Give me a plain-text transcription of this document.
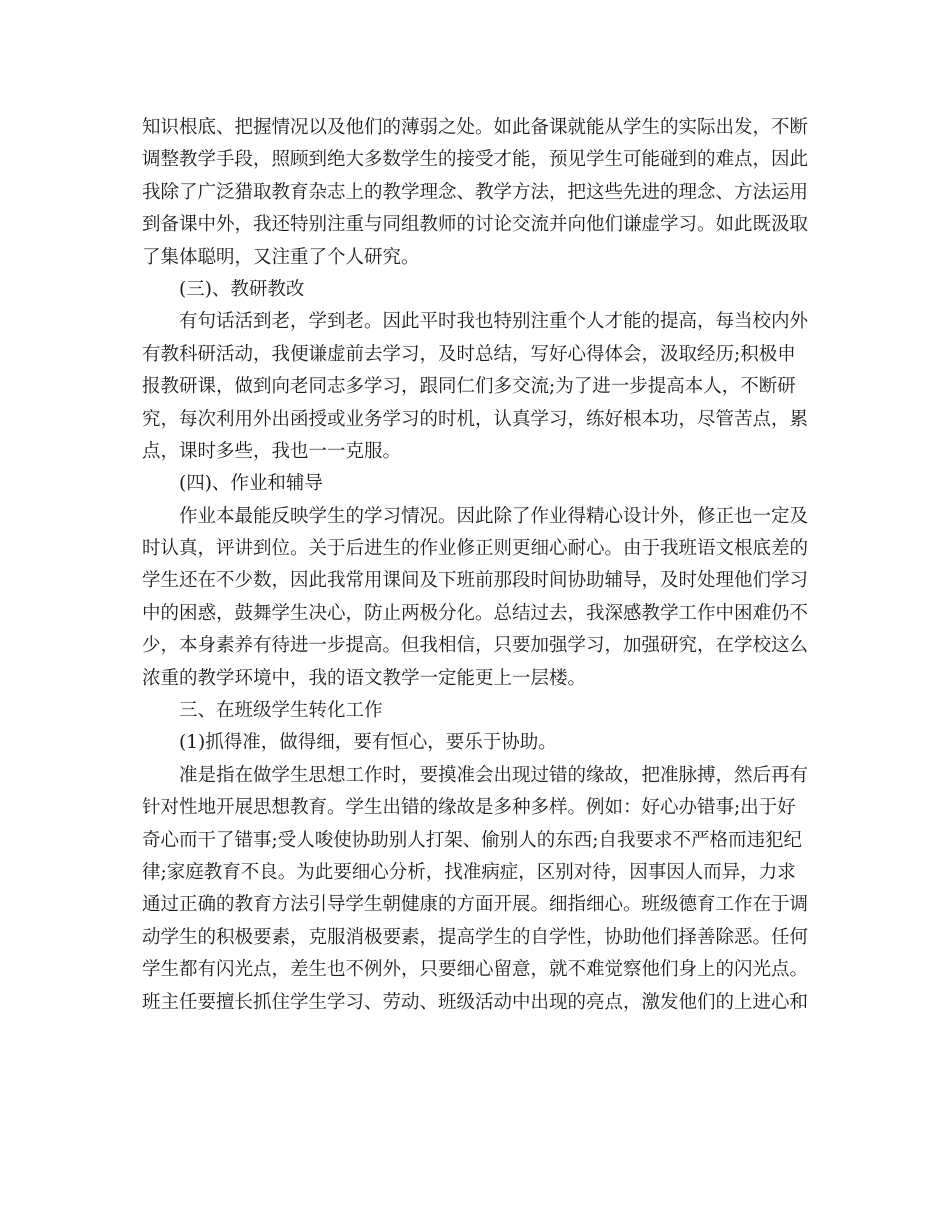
知识根底、把握情况以及他们的薄弱之处。如此备课就能从学生的实际出发，不断
调整教学手段，照顾到绝大多数学生的接受才能，预见学生可能碰到的难点，因此
我除了广泛猎取教育杂志上的教学理念、教学方法，把这些先进的理念、方法运用
到备课中外，我还特别注重与同组教师的讨论交流并向他们谦虚学习。如此既汲取
了集体聪明，又注重了个人研究。
(三)、教研教改
有句话活到老，学到老。因此平时我也特别注重个人才能的提高，每当校内外
有教科研活动，我便谦虚前去学习，及时总结，写好心得体会，汲取经历;积极申
报教研课，做到向老同志多学习，跟同仁们多交流;为了进一步提高本人，不断研
究，每次利用外出函授或业务学习的时机，认真学习，练好根本功，尽管苦点，累
点，课时多些，我也一一克服。
(四)、作业和辅导
作业本最能反映学生的学习情况。因此除了作业得精心设计外，修正也一定及
时认真，评讲到位。关于后进生的作业修正则更细心耐心。由于我班语文根底差的
学生还在不少数，因此我常用课间及下班前那段时间协助辅导，及时处理他们学习
中的困惑，鼓舞学生决心，防止两极分化。总结过去，我深感教学工作中困难仍不
少，本身素养有待进一步提高。但我相信，只要加强学习，加强研究，在学校这么
浓重的教学环境中，我的语文教学一定能更上一层楼。
三、在班级学生转化工作
(1)抓得准，做得细，要有恒心，要乐于协助。
准是指在做学生思想工作时，要摸准会出现过错的缘故，把准脉搏，然后再有
针对性地开展思想教育。学生出错的缘故是多种多样。例如：好心办错事;出于好
奇心而干了错事;受人唆使协助别人打架、偷别人的东西;自我要求不严格而违犯纪
律;家庭教育不良。为此要细心分析，找准病症，区别对待，因事因人而异，力求
通过正确的教育方法引导学生朝健康的方面开展。细指细心。班级德育工作在于调
动学生的积极要素，克服消极要素，提高学生的自学性，协助他们择善除恶。任何
学生都有闪光点，差生也不例外，只要细心留意，就不难觉察他们身上的闪光点。
班主任要擅长抓住学生学习、劳动、班级活动中出现的亮点，激发他们的上进心和
